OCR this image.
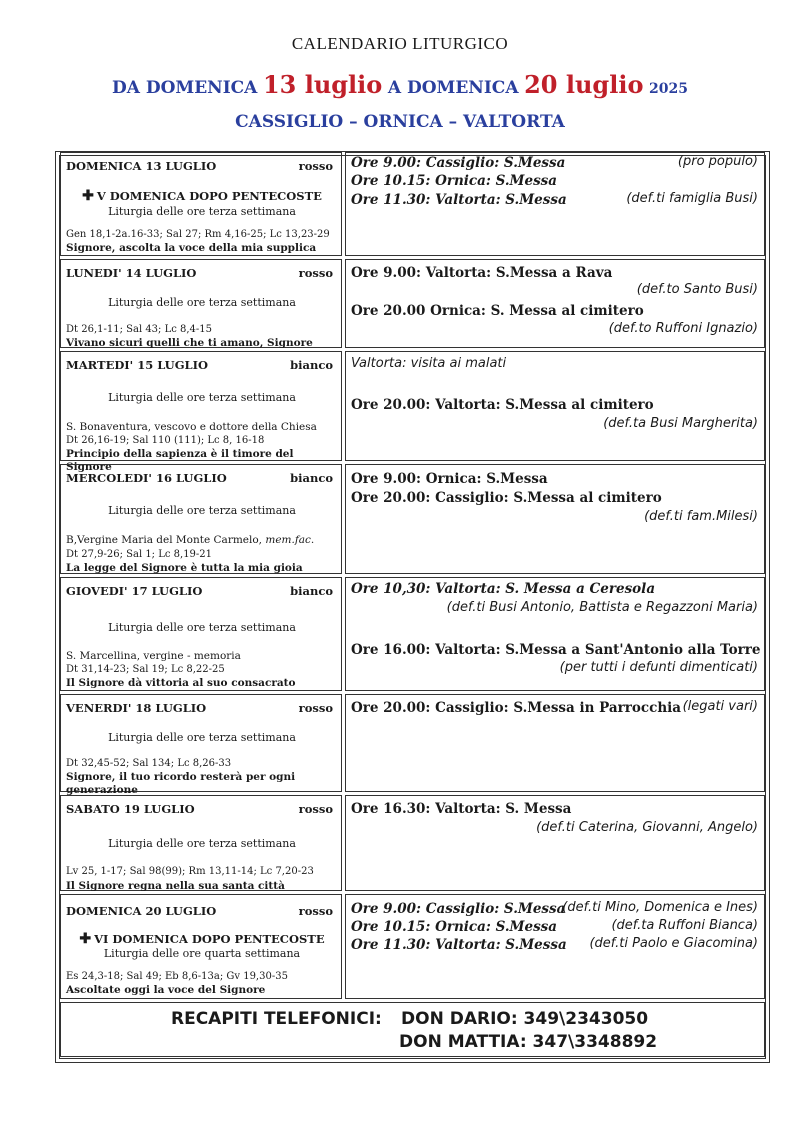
CALENDARIO LITURGICO
DA DOMENICA 13 luglio A DOMENICA 20 luglio 2025
CASSIGLIO – ORNICA – VALTORTA
DOMENICA 13 LUGLIO	rosso
✚ V DOMENICA DOPO PENTECOSTE
Liturgia delle ore terza settimana
Gen 18,1-2a.16-33; Sal 27; Rm 4,16-25; Lc 13,23-29
Signore, ascolta la voce della mia supplica
Ore 9.00: Cassiglio: S.Messa	(pro populo)
Ore 10.15: Ornica: S.Messa
Ore 11.30: Valtorta: S.Messa	(def.ti famiglia Busi)
LUNEDI' 14 LUGLIO	rosso
Liturgia delle ore terza settimana
Dt 26,1-11; Sal 43; Lc 8,4-15
Vivano sicuri quelli che ti amano, Signore
Ore 9.00: Valtorta: S.Messa a Rava
(def.to Santo Busi)
Ore 20.00 Ornica: S. Messa al cimitero
(def.to Ruffoni Ignazio)
MARTEDI' 15 LUGLIO	bianco
Liturgia delle ore terza settimana
S. Bonaventura, vescovo e dottore della Chiesa
Dt 26,16-19; Sal 110 (111); Lc 8, 16-18
Principio della sapienza è il timore del Signore
Valtorta: visita ai malati
Ore 20.00: Valtorta: S.Messa al cimitero
(def.ta Busi Margherita)
MERCOLEDI' 16 LUGLIO	bianco
Liturgia delle ore terza settimana
B,Vergine Maria del Monte Carmelo, mem.fac.
Dt 27,9-26; Sal 1; Lc 8,19-21
La legge del Signore è tutta la mia gioia
Ore 9.00: Ornica: S.Messa
Ore 20.00: Cassiglio: S.Messa al cimitero
(def.ti fam.Milesi)
GIOVEDI' 17 LUGLIO	bianco
Liturgia delle ore terza settimana
S. Marcellina, vergine - memoria
Dt 31,14-23; Sal 19; Lc 8,22-25
Il Signore dà vittoria al suo consacrato
Ore 10,30: Valtorta: S. Messa a Ceresola
(def.ti Busi Antonio, Battista e Regazzoni Maria)
Ore 16.00: Valtorta: S.Messa a Sant'Antonio alla Torre
(per tutti i defunti dimenticati)
VENERDI' 18 LUGLIO	rosso
Liturgia delle ore terza settimana
Dt 32,45-52; Sal 134; Lc 8,26-33
Signore, il tuo ricordo resterà per ogni generazione
Ore 20.00: Cassiglio: S.Messa in Parrocchia (legati vari)
SABATO 19 LUGLIO	rosso
Liturgia delle ore terza settimana
Lv 25, 1-17; Sal 98(99); Rm 13,11-14; Lc 7,20-23
Il Signore regna nella sua santa città
Ore 16.30: Valtorta: S. Messa
(def.ti Caterina, Giovanni, Angelo)
DOMENICA 20 LUGLIO	rosso
✚ VI DOMENICA DOPO PENTECOSTE
Liturgia delle ore quarta settimana
Es 24,3-18; Sal 49; Eb 8,6-13a; Gv 19,30-35
Ascoltate oggi la voce del Signore
Ore 9.00: Cassiglio: S.Messa
(def.ti Mino, Domenica e Ines)
Ore 10.15: Ornica: S.Messa	(def.ta Ruffoni Bianca)
Ore 11.30: Valtorta: S.Messa (def.ti Paolo e Giacomina)
RECAPITI TELEFONICI: DON DARIO: 349\2343050
DON MATTIA: 347\3348892
